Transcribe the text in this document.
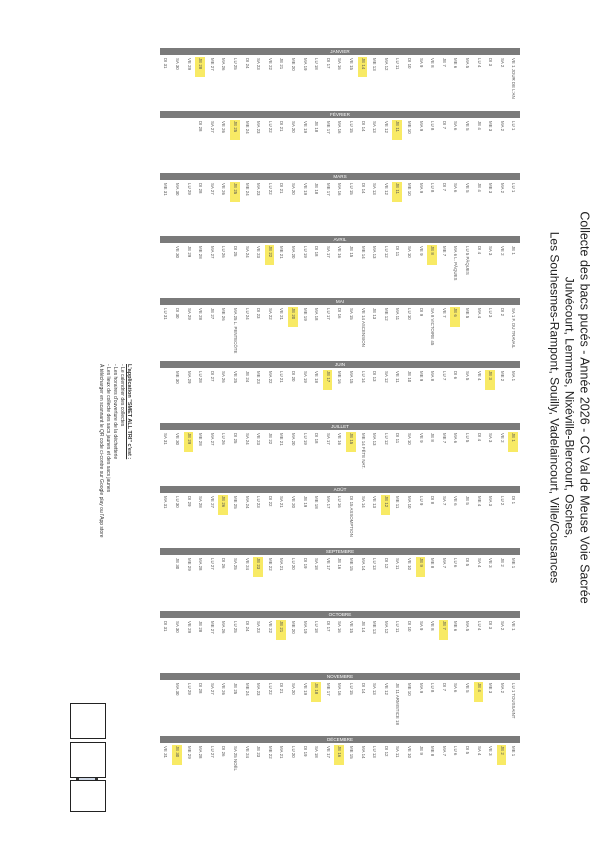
Collecte des bacs pucés - Année 2026 - CC Val de Meuse Voie Sacrée
Julvécourt, Lemmes, Nixéville-Blercourt, Osches,
Les Souhesmes-Rampont, Souilly, Vadelaincourt, Ville/Cousances
JANVIER
VE 1 JOUR DE L'AN
SA 2
DI 3
LU 4
MA 5
ME 6
JE 7
VE 8
SA 9
DI 10
LU 11
MA 12
ME 13
JE 14
VE 15
SA 16
DI 17
LU 18
MA 19
ME 20
JE 21
VE 22
SA 23
DI 24
LU 25
MA 26
ME 27
JE 28
VE 29
SA 30
DI 31
FÉVRIER
LU 1
MA 2
ME 3
JE 4
VE 5
SA 6
DI 7
LU 8
MA 9
ME 10
JE 11
VE 12
SA 13
DI 14
LU 15
MA 16
ME 17
JE 18
VE 19
SA 20
DI 21
LU 22
MA 23
ME 24
JE 25
VE 26
SA 27
DI 28
MARS
LU 1
MA 2
ME 3
JE 4
VE 5
SA 6
DI 7
LU 8
MA 9
ME 10
JE 11
VE 12
SA 13
DI 14
LU 15
MA 16
ME 17
JE 18
VE 19
SA 20
DI 21
LU 22
MA 23
ME 24
JE 25
VE 26
SA 27
DI 28
LU 29
MA 30
ME 31
AVRIL
JE 1
VE 2
SA 3
DI 4
LU 5 PÂQUES
MA 6 L. PÂQUES
ME 7
JE 8
VE 9
SA 10
DI 11
LU 12
MA 13
ME 14
JE 15
VE 16
SA 17
DI 18
LU 19
MA 20
ME 21
JE 22
VE 23
SA 24
DI 25
LU 26
MA 27
ME 28
JE 29
VE 30
MAI
SA 1 F. DU TRAVAIL
DI 2
LU 3
MA 4
ME 5
JE 6
VE 7
SA 8 VICTOIRE 45
DI 9
LU 10
MA 11
ME 12
JE 13
VE 14 ASCENSION
SA 15
DI 16
LU 17
MA 18
ME 19
JE 20
VE 21
SA 22
DI 23
LU 24
MA 25 L. PENTECÔTE
ME 26
JE 27
VE 28
SA 29
DI 30
LU 31
JUIN
MA 1
ME 2
JE 3
VE 4
SA 5
DI 6
LU 7
MA 8
ME 9
JE 10
VE 11
SA 12
DI 13
LU 14
MA 15
ME 16
JE 17
VE 18
SA 19
DI 20
LU 21
MA 22
ME 23
JE 24
VE 25
SA 26
DI 27
LU 28
MA 29
ME 30
JUILLET
JE 1
VE 2
SA 3
DI 4
LU 5
MA 6
ME 7
JE 8
VE 9
SA 10
DI 11
LU 12
MA 13
ME 14 FÊTE NAT.
JE 15
VE 16
SA 17
DI 18
LU 19
MA 20
ME 21
JE 22
VE 23
SA 24
DI 25
LU 26
MA 27
ME 28
JE 29
VE 30
SA 31
AOÛT
DI 1
LU 2
MA 3
ME 4
JE 5
VE 6
SA 7
DI 8
LU 9
MA 10
ME 11
JE 12
VE 13
SA 14
DI 15 ASSOMPTION
LU 16
MA 17
ME 18
JE 19
VE 20
SA 21
DI 22
LU 23
MA 24
ME 25
JE 26
VE 27
SA 28
DI 29
LU 30
MA 31
SEPTEMBRE
ME 1
JE 2
VE 3
SA 4
DI 5
LU 6
MA 7
ME 8
JE 9
VE 10
SA 11
DI 12
LU 13
MA 14
ME 15
JE 16
VE 17
SA 18
DI 19
LU 20
MA 21
ME 22
JE 23
VE 24
SA 25
DI 26
LU 27
MA 28
ME 29
JE 30
OCTOBRE
VE 1
SA 2
DI 3
LU 4
MA 5
ME 6
JE 7
VE 8
SA 9
DI 10
LU 11
MA 12
ME 13
JE 14
VE 15
SA 16
DI 17
LU 18
MA 19
ME 20
JE 21
VE 22
SA 23
DI 24
LU 25
MA 26
ME 27
JE 28
VE 29
SA 30
DI 31
NOVEMBRE
LU 1 TOUSSAINT
MA 2
ME 3
JE 4
VE 5
SA 6
DI 7
LU 8
MA 9
ME 10
JE 11 ARMISTICE 18
VE 12
SA 13
DI 14
LU 15
MA 16
ME 17
JE 18
VE 19
SA 20
DI 21
LU 22
MA 23
ME 24
JE 25
VE 26
SA 27
DI 28
LU 29
MA 30
DÉCEMBRE
ME 1
JE 2
VE 3
SA 4
DI 5
LU 6
MA 7
ME 8
JE 9
VE 10
SA 11
DI 12
LU 13
MA 14
ME 15
JE 16
VE 17
SA 18
DI 19
LU 20
MA 21
ME 22
JE 23
VE 24
SA 25 NOËL
DI 26
LU 27
MA 28
ME 29
JE 30
VE 31
L'application "SMET ALL TRI" c'est :
- Le calendrier des collectes
- Les horaires d'ouverture de la déchetterie
- Les lieux de collecte des sacs jaunes et des sacs jaunes
À télécharger en scannant le QR code ci-contre sur Google play ou l'App store
